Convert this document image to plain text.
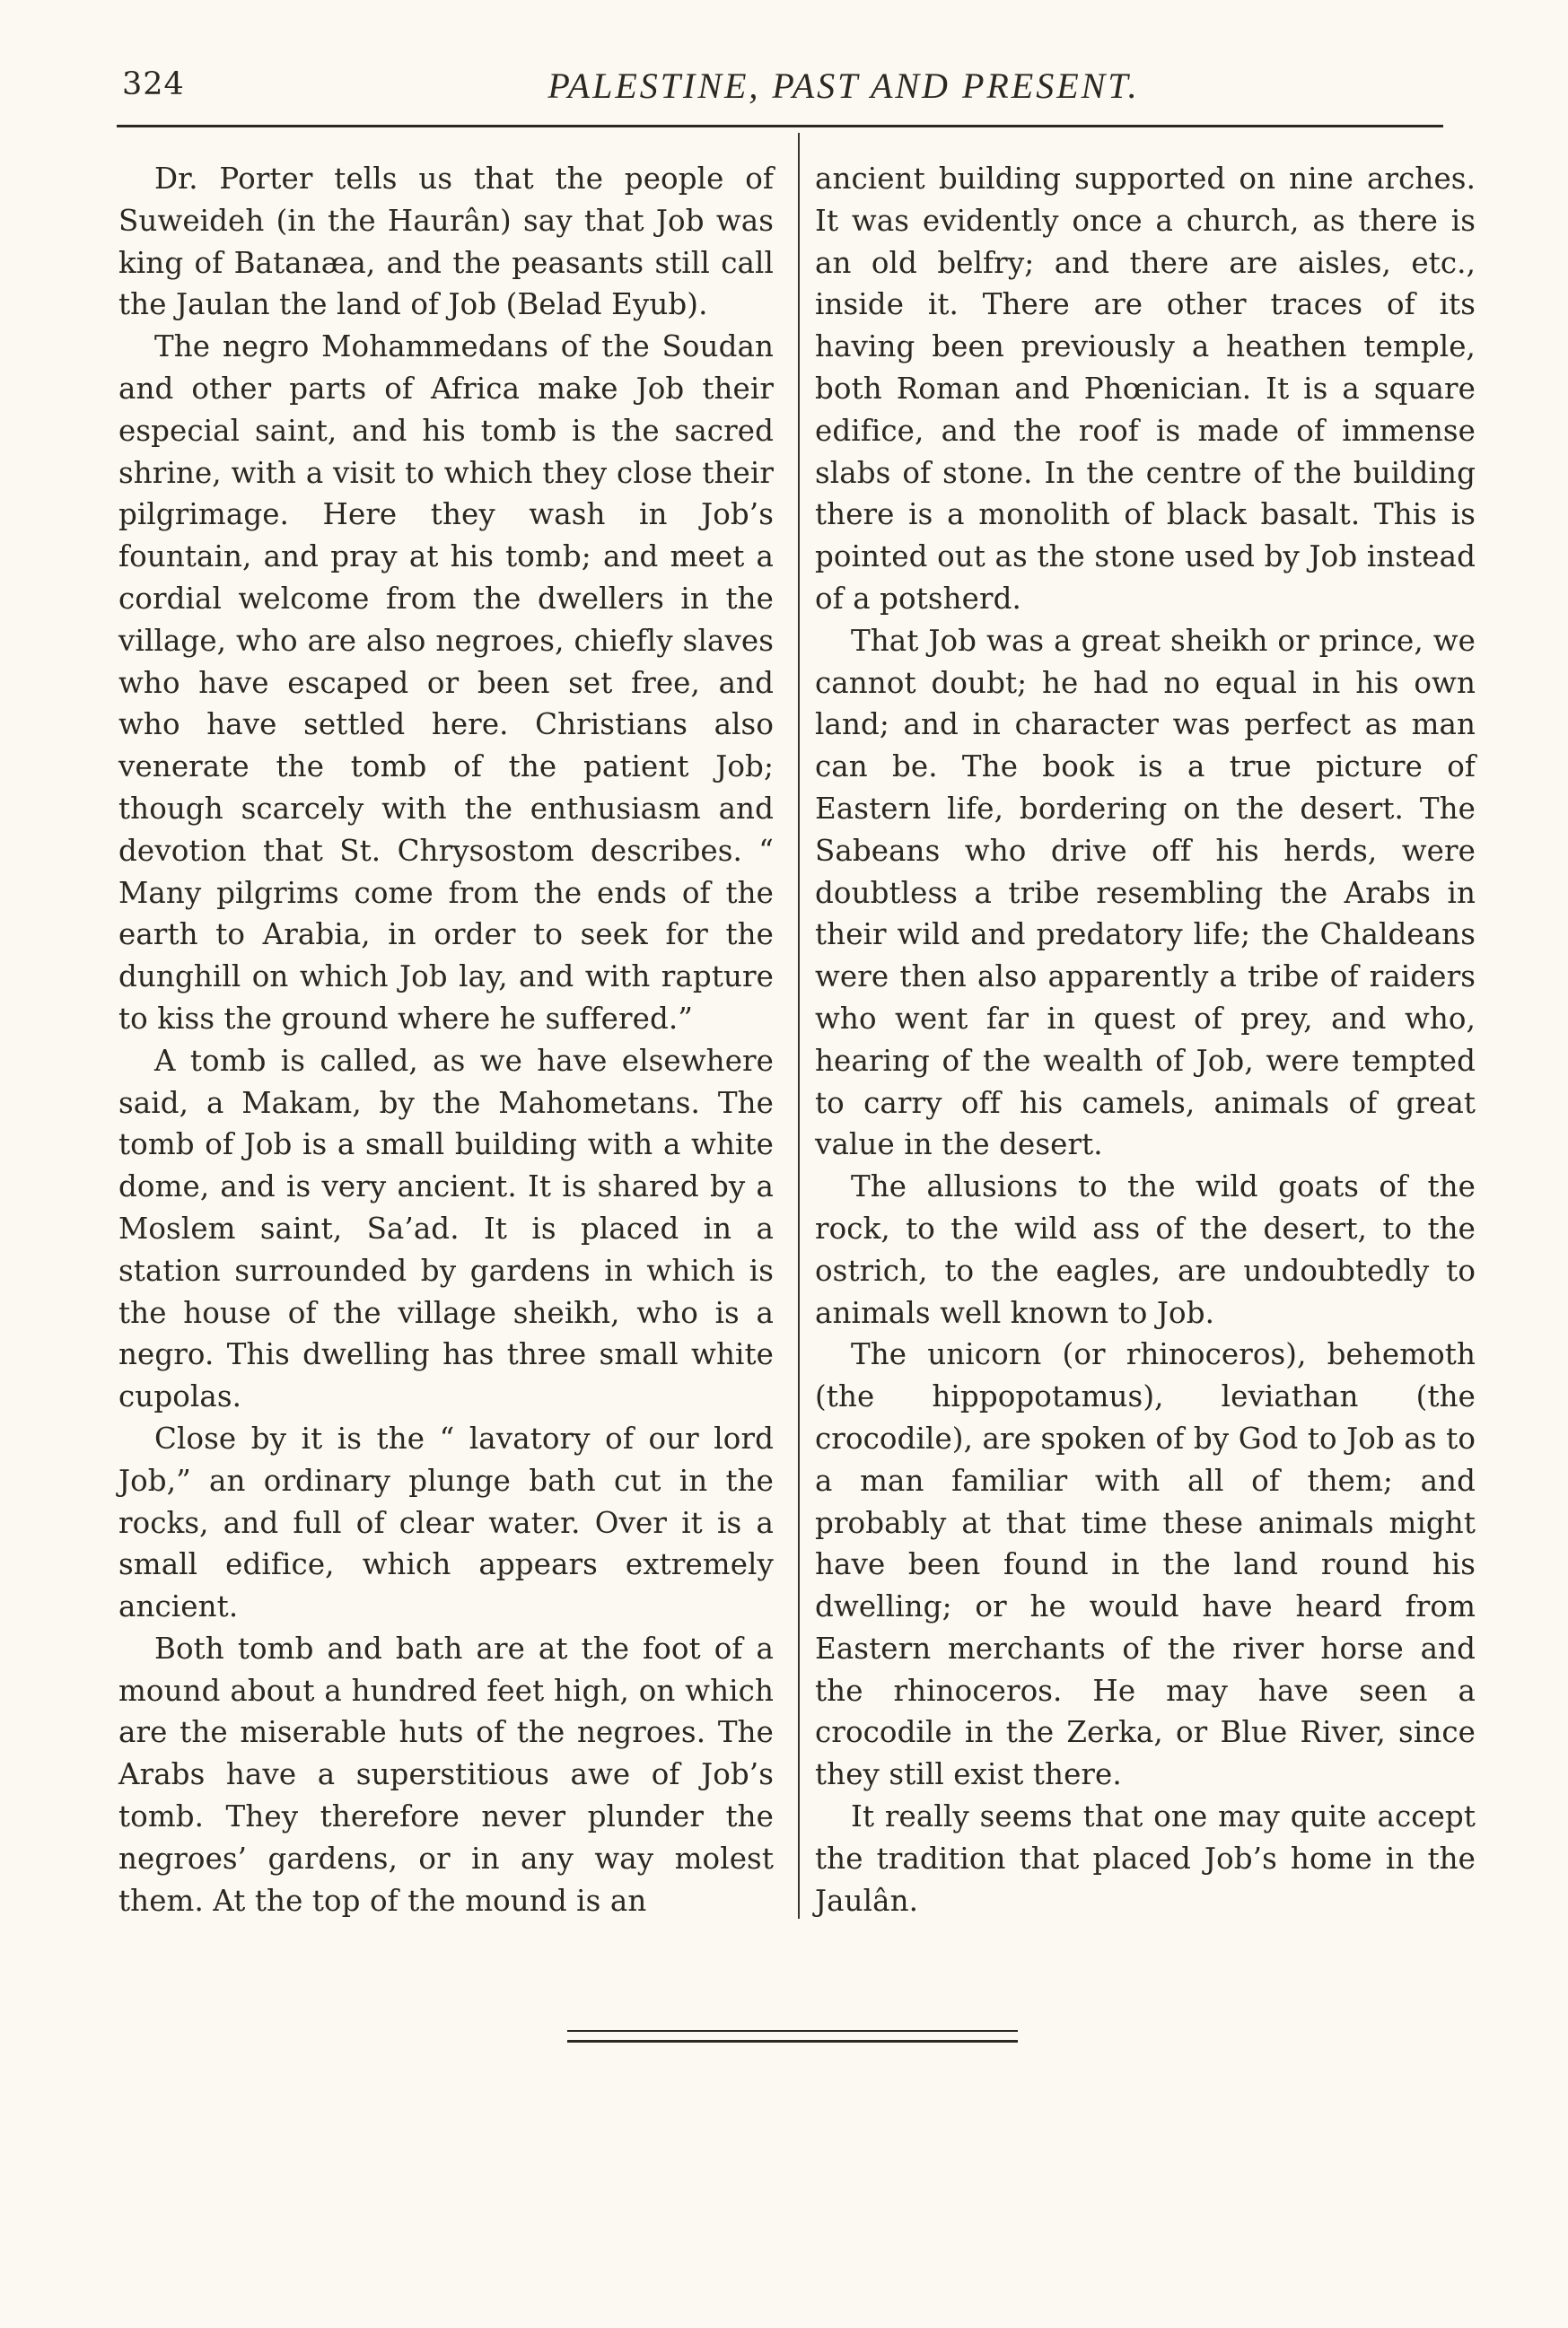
324	PALESTINE, PAST AND PRESENT.

Dr. Porter tells us that the people of Suweideh (in the Haurân) say that Job was king of Batanæa, and the peasants still call the Jaulan the land of Job (Belad Eyub).

The negro Mohammedans of the Soudan and other parts of Africa make Job their especial saint, and his tomb is the sacred shrine, with a visit to which they close their pilgrimage. Here they wash in Job’s fountain, and pray at his tomb; and meet a cordial welcome from the dwellers in the village, who are also negroes, chiefly slaves who have escaped or been set free, and who have settled here. Christians also venerate the tomb of the patient Job; though scarcely with the enthusiasm and devotion that St. Chrysostom describes. “ Many pilgrims come from the ends of the earth to Arabia, in order to seek for the dunghill on which Job lay, and with rapture to kiss the ground where he suffered.”

A tomb is called, as we have elsewhere said, a Makam, by the Mahometans. The tomb of Job is a small building with a white dome, and is very ancient. It is shared by a Moslem saint, Sa’ad. It is placed in a station surrounded by gardens in which is the house of the village sheikh, who is a negro. This dwelling has three small white cupolas.

Close by it is the “ lavatory of our lord Job,” an ordinary plunge bath cut in the rocks, and full of clear water. Over it is a small edifice, which appears extremely ancient.

Both tomb and bath are at the foot of a mound about a hundred feet high, on which are the miserable huts of the negroes. The Arabs have a superstitious awe of Job’s tomb. They therefore never plunder the negroes’ gardens, or in any way molest them. At the top of the mound is an

ancient building supported on nine arches. It was evidently once a church, as there is an old belfry; and there are aisles, etc., inside it. There are other traces of its having been previously a heathen temple, both Roman and Phœnician. It is a square edifice, and the roof is made of immense slabs of stone. In the centre of the building there is a monolith of black basalt. This is pointed out as the stone used by Job instead of a potsherd.

That Job was a great sheikh or prince, we cannot doubt; he had no equal in his own land; and in character was perfect as man can be. The book is a true picture of Eastern life, bordering on the desert. The Sabeans who drive off his herds, were doubtless a tribe resembling the Arabs in their wild and predatory life; the Chaldeans were then also apparently a tribe of raiders who went far in quest of prey, and who, hearing of the wealth of Job, were tempted to carry off his camels, animals of great value in the desert.

The allusions to the wild goats of the rock, to the wild ass of the desert, to the ostrich, to the eagles, are undoubtedly to animals well known to Job.

The unicorn (or rhinoceros), behemoth (the hippopotamus), leviathan (the crocodile), are spoken of by God to Job as to a man familiar with all of them; and probably at that time these animals might have been found in the land round his dwelling; or he would have heard from Eastern merchants of the river horse and the rhinoceros. He may have seen a crocodile in the Zerka, or Blue River, since they still exist there.

It really seems that one may quite accept the tradition that placed Job’s home in the Jaulân.
